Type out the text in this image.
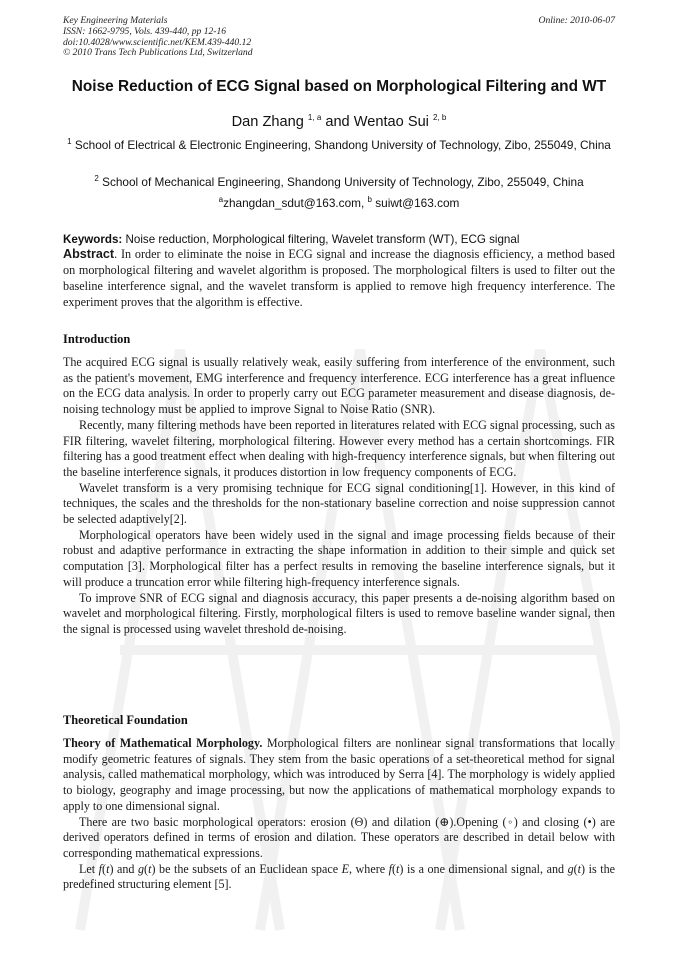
Key Engineering Materials
ISSN: 1662-9795, Vols. 439-440, pp 12-16
doi:10.4028/www.scientific.net/KEM.439-440.12
© 2010 Trans Tech Publications Ltd, Switzerland
Online: 2010-06-07
Noise Reduction of ECG Signal based on Morphological Filtering and WT
Dan Zhang $^{1, a}$ and Wentao Sui $^{2, b}$
$^1$ School of Electrical & Electronic Engineering, Shandong University of Technology, Zibo, 255049, China
$^2$ School of Mechanical Engineering, Shandong University of Technology, Zibo, 255049, China
$^a$zhangdan_sdut@163.com, $^b$ suiwt@163.com
Keywords: Noise reduction, Morphological filtering, Wavelet transform (WT), ECG signal
Abstract. In order to eliminate the noise in ECG signal and increase the diagnosis efficiency, a method based on morphological filtering and wavelet algorithm is proposed. The morphological filters is used to filter out the baseline interference signal, and the wavelet transform is applied to remove high frequency interference. The experiment proves that the algorithm is effective.
Introduction

The acquired ECG signal is usually relatively weak, easily suffering from interference of the environment, such as the patient's movement, EMG interference and frequency interference. ECG interference has a great influence on the ECG data analysis. In order to properly carry out ECG parameter measurement and disease diagnosis, de-noising technology must be applied to improve Signal to Noise Ratio (SNR).

Recently, many filtering methods have been reported in literatures related with ECG signal processing, such as FIR filtering, wavelet filtering, morphological filtering. However every method has a certain shortcomings. FIR filtering has a good treatment effect when dealing with high-frequency interference signals, but when filtering out the baseline interference signals, it produces distortion in low frequency components of ECG.

Wavelet transform is a very promising technique for ECG signal conditioning[1]. However, in this kind of techniques, the scales and the thresholds for the non-stationary baseline correction and noise suppression cannot be selected adaptively[2].

Morphological operators have been widely used in the signal and image processing fields because of their robust and adaptive performance in extracting the shape information in addition to their simple and quick set computation [3]. Morphological filter has a perfect results in removing the baseline interference signals, but it will produce a truncation error while filtering high-frequency interference signals.

To improve SNR of ECG signal and diagnosis accuracy, this paper presents a de-noising algorithm based on wavelet and morphological filtering. Firstly, morphological filters is used to remove baseline wander signal, then the signal is processed using wavelet threshold de-noising.

Theoretical Foundation

Theory of Mathematical Morphology. Morphological filters are nonlinear signal transformations that locally modify geometric features of signals. They stem from the basic operations of a set-theoretical method for signal analysis, called mathematical morphology, which was introduced by Serra [4]. The morphology is widely applied to biology, geography and image processing, but now the applications of mathematical morphology expands to apply to one dimensional signal.

There are two basic morphological operators: erosion (Θ) and dilation (⊕).Opening (◦) and closing (•) are derived operators defined in terms of erosion and dilation. These operators are described in detail below with corresponding mathematical expressions.

Let f(t) and g(t) be the subsets of an Euclidean space E, where f(t) is a one dimensional signal, and g(t) is the predefined structuring element [5].
